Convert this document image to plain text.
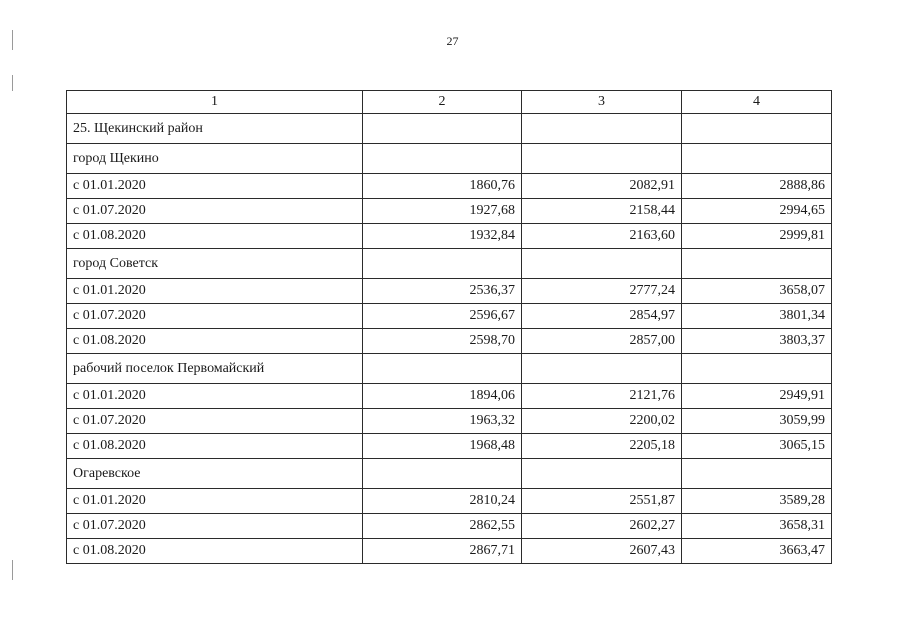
27
1	2	3	4
25. Щекинский район			
город Щекино			
с 01.01.2020	1860,76	2082,91	2888,86
с 01.07.2020	1927,68	2158,44	2994,65
с 01.08.2020	1932,84	2163,60	2999,81
город Советск			
с 01.01.2020	2536,37	2777,24	3658,07
с 01.07.2020	2596,67	2854,97	3801,34
с 01.08.2020	2598,70	2857,00	3803,37
рабочий поселок Первомайский			
с 01.01.2020	1894,06	2121,76	2949,91
с 01.07.2020	1963,32	2200,02	3059,99
с 01.08.2020	1968,48	2205,18	3065,15
Огаревское			
с 01.01.2020	2810,24	2551,87	3589,28
с 01.07.2020	2862,55	2602,27	3658,31
с 01.08.2020	2867,71	2607,43	3663,47
